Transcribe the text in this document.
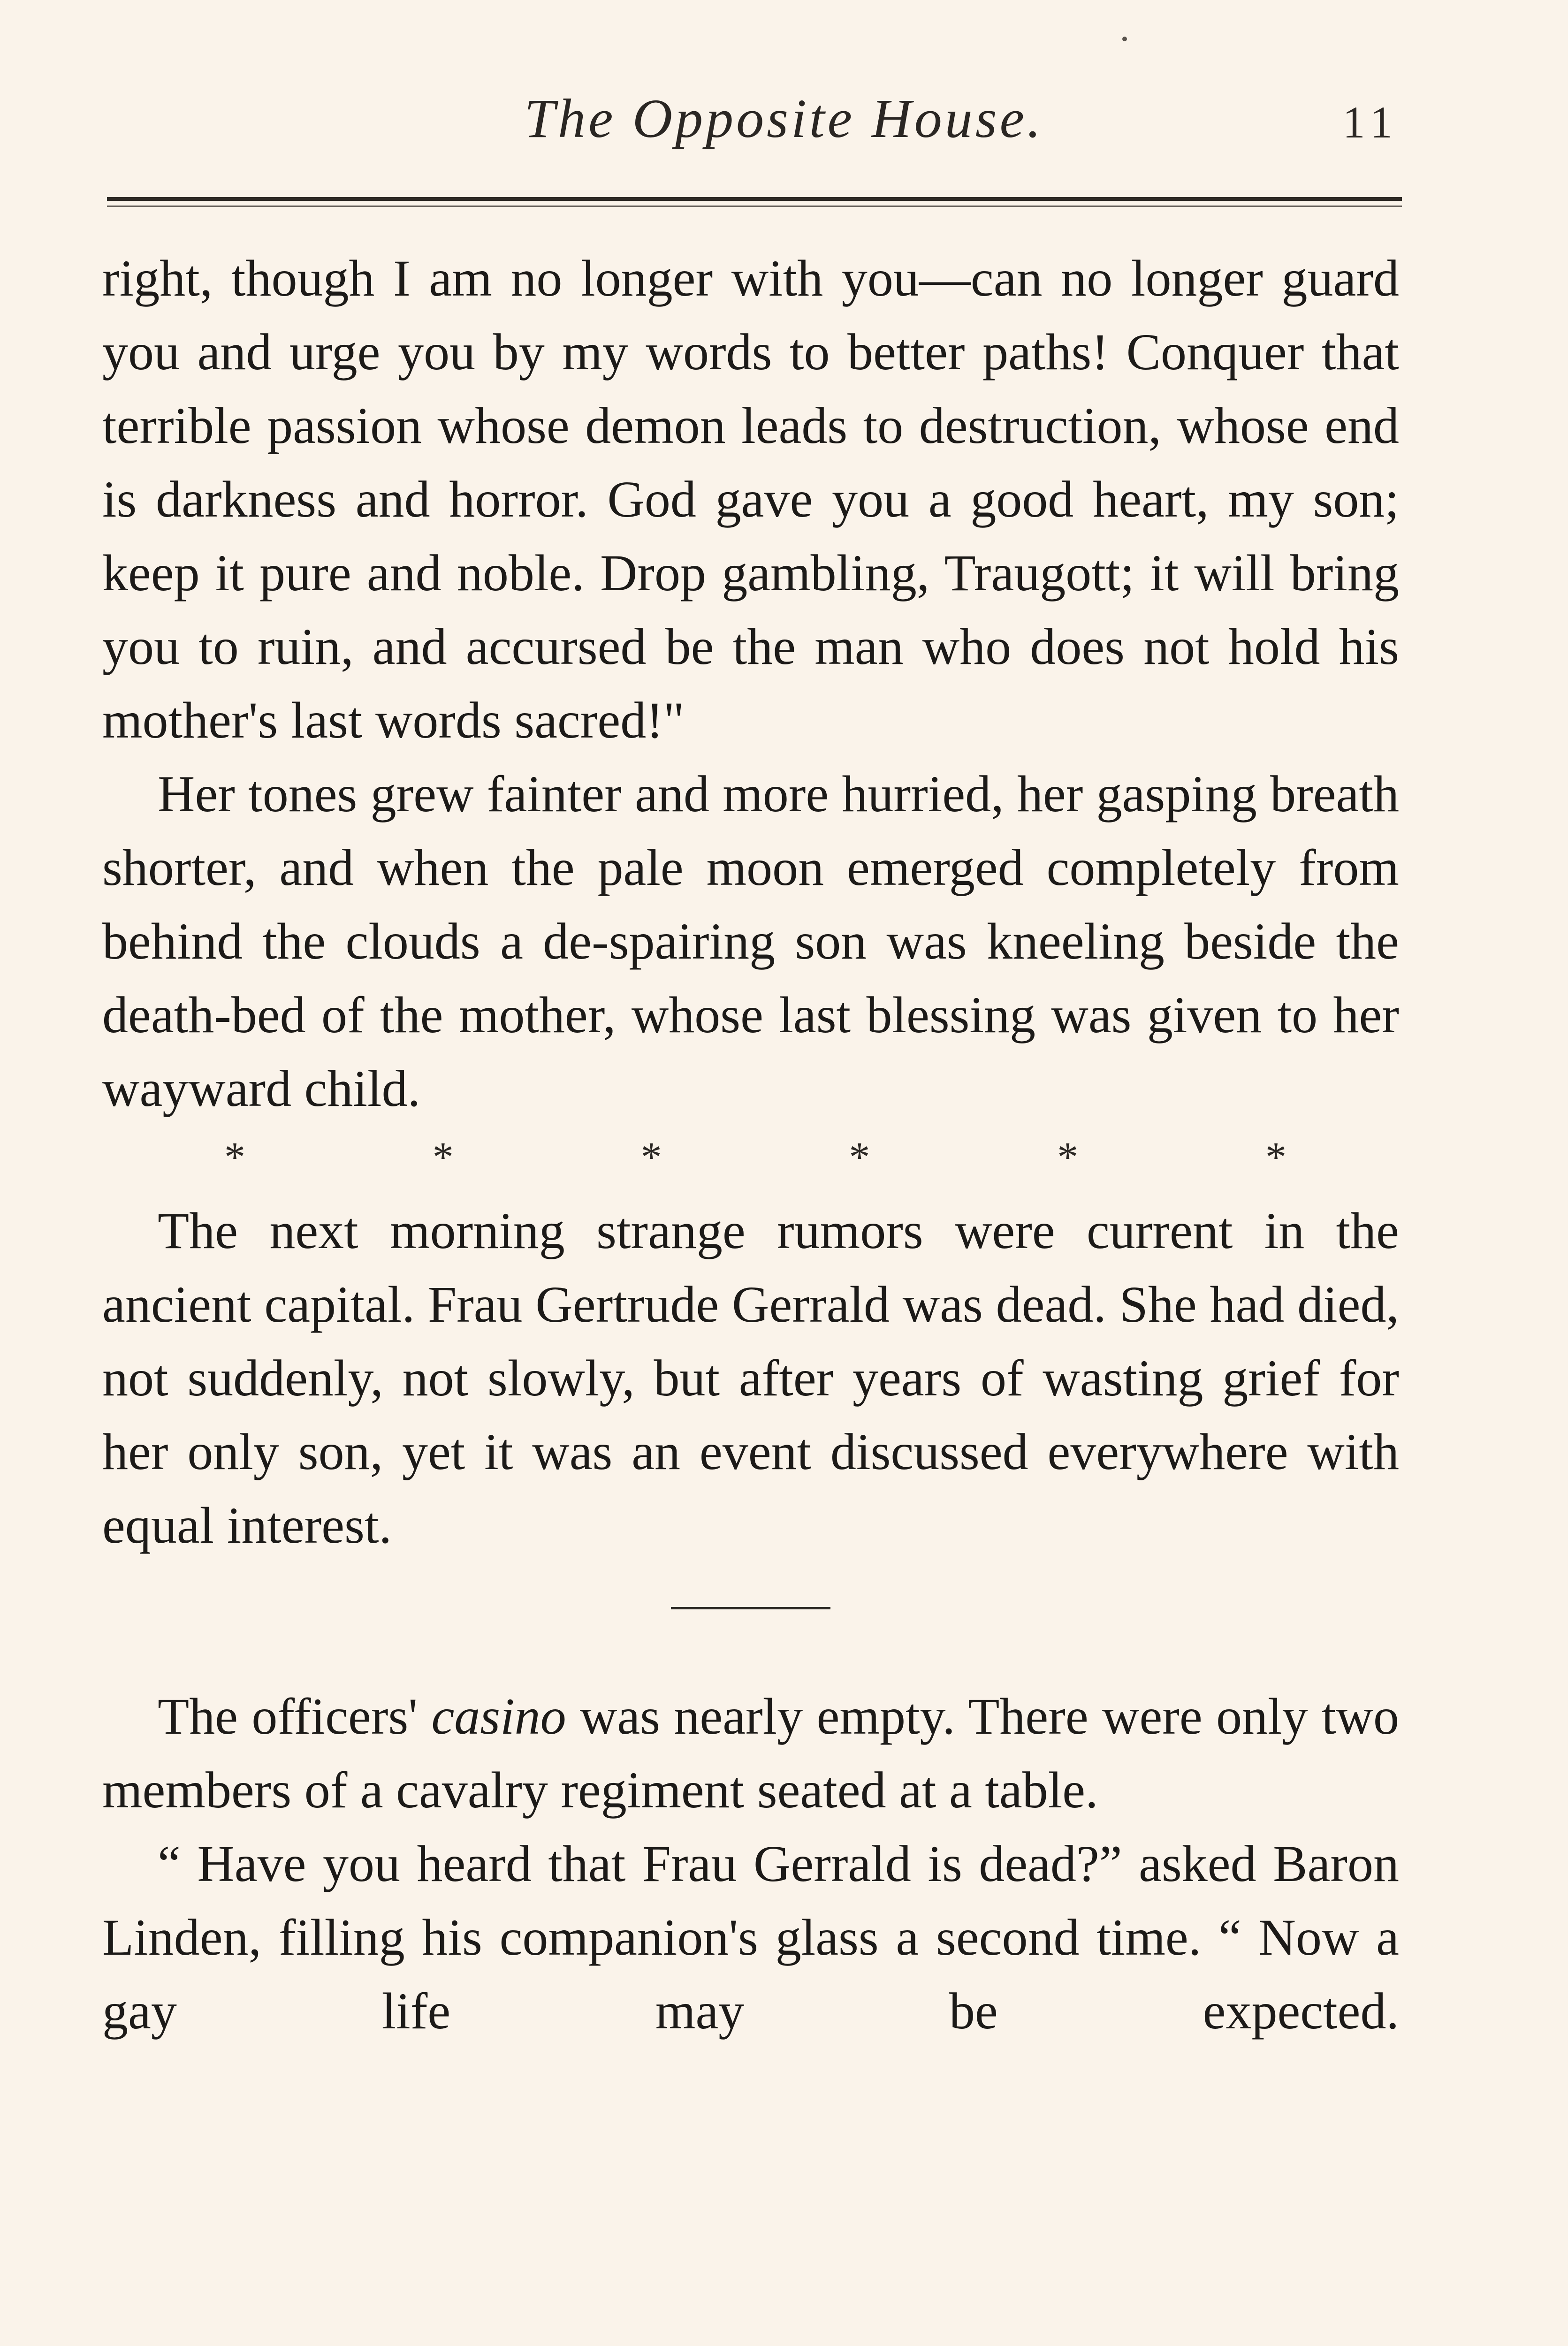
The Opposite House.	11

right, though I am no longer with you—can no longer guard you and urge you by my words to better paths! Conquer that terrible passion whose demon leads to destruction, whose end is darkness and horror. God gave you a good heart, my son; keep it pure and noble. Drop gambling, Traugott; it will bring you to ruin, and accursed be the man who does not hold his mother's last words sacred!"

Her tones grew fainter and more hurried, her gasping breath shorter, and when the pale moon emerged completely from behind the clouds a de-spairing son was kneeling beside the death-bed of the mother, whose last blessing was given to her wayward child.

*	*	*	*	*	*

The next morning strange rumors were current in the ancient capital. Frau Gertrude Gerrald was dead. She had died, not suddenly, not slowly, but after years of wasting grief for her only son, yet it was an event discussed everywhere with equal interest.

The officers' casino was nearly empty. There were only two members of a cavalry regiment seated at a table.

“ Have you heard that Frau Gerrald is dead?” asked Baron Linden, filling his companion's glass a second time. “ Now a gay life may be expected.
